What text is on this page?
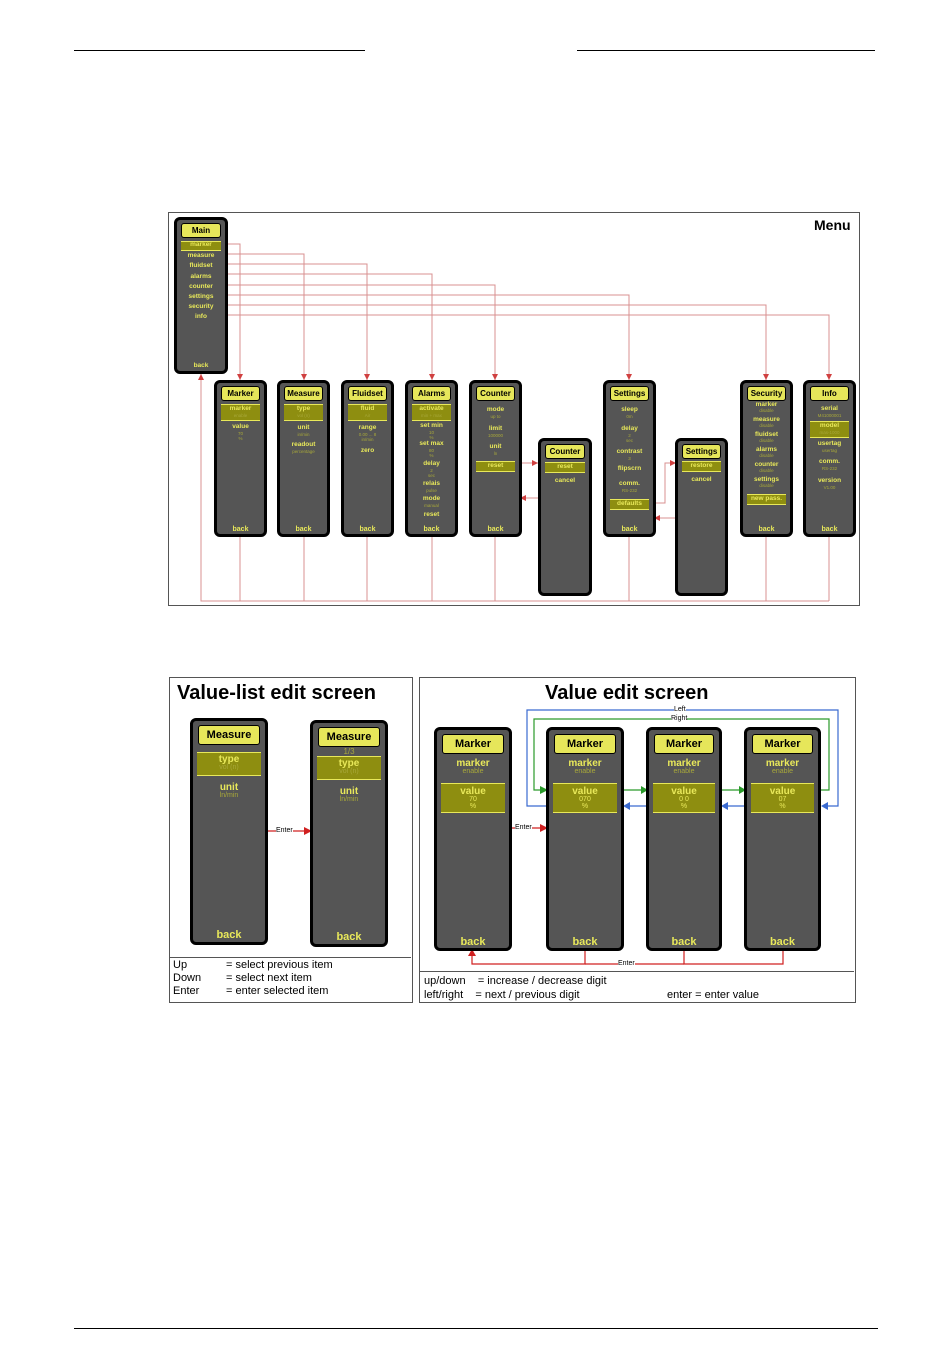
Menu
Main
marker
measure
fluidset
alarms
counter
settings
security
info
back
Marker
marker
enable
value
70
%
back
Measure
type
vol (n)
unit
in/min
readout
percentage
back
Fluidset
fluid
Air
range
0.00 ... 8
in/min
zero
back
Alarms
activate
min + max
set min
10
%
set max
80
%
delay
2
sec
relais
pulse
mode
manual
reset
back
Counter
mode
up to
limit
100000
unit
ln
reset
back
Counter
reset
cancel
Settings
sleep
0m
delay
2
sec
contrast
3
flipscrn
comm.
RS-232
defaults
back
Settings
restore
cancel
Security
marker
disable
measure
disable
fluidset
disable
alarms
disable
counter
disable
settings
disable
new pass.
back
Info
serial
M41000001
model
mas-1000
usertag
usertag
comm.
RS-232
version
V1.00
back
Value-list edit screen
Enter
Measure
type
vol (n)
unit
ln/min
back
Measure
1/3
type
vol (n)
unit
ln/min
back
Up	= select previous item
Down	= select next item
Enter	= enter selected item
Value edit screen
Left
Right
Enter
Enter
Marker
marker
enable
value
70
%
back
Marker
marker
enable
value
070
%
back
Marker
marker
enable
value
0 0
%
back
Marker
marker
enable
value
07
%
back
up/down    = increase / decrease digit
left/right    = next / previous digit	enter = enter value
